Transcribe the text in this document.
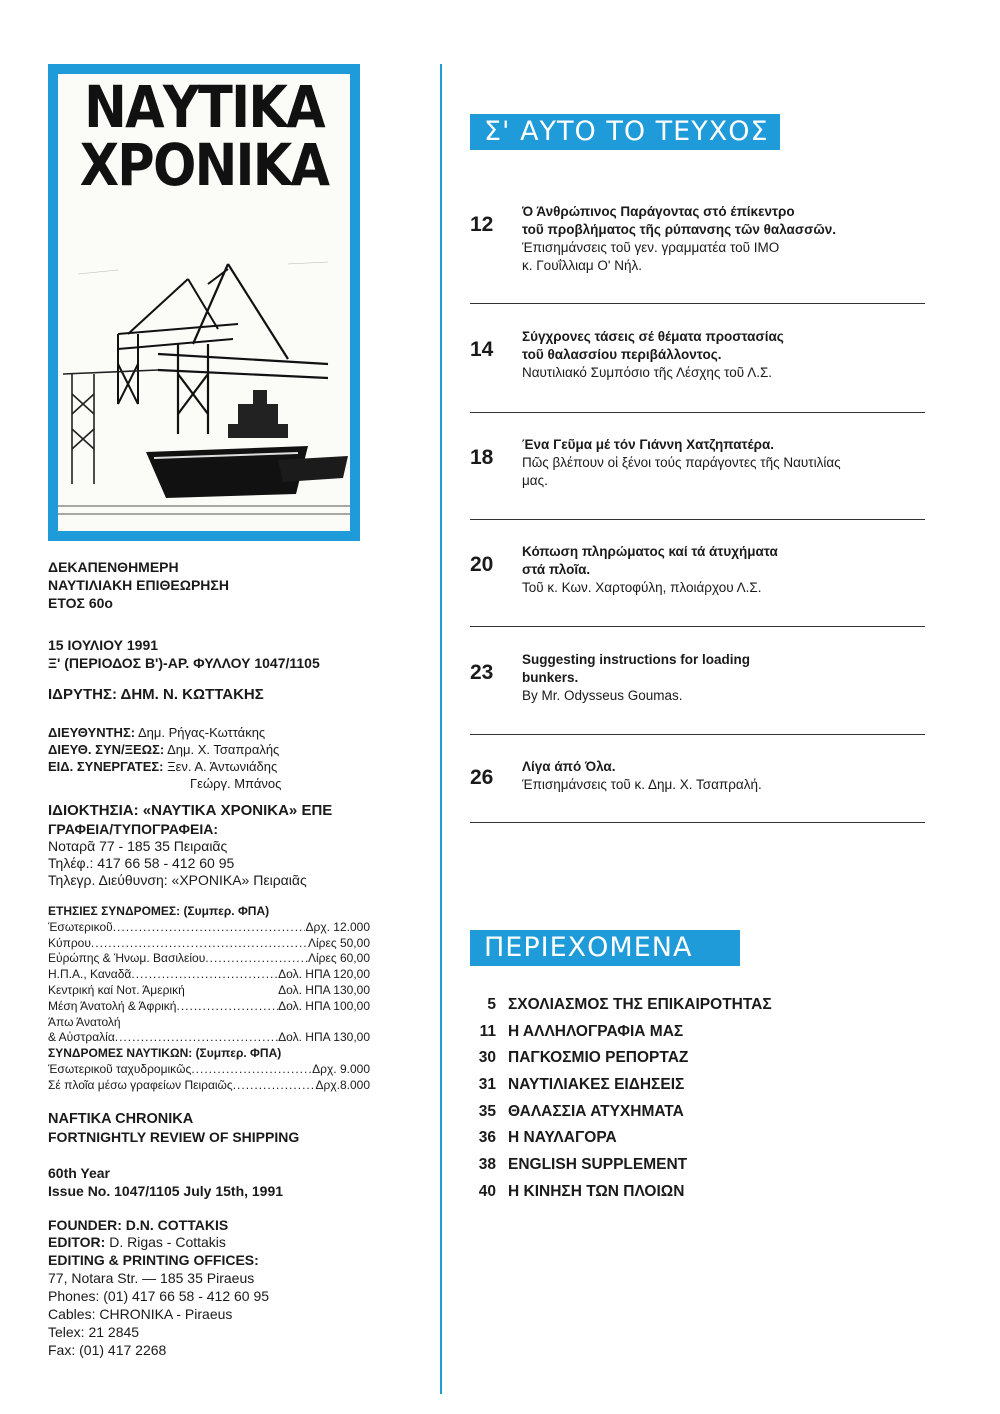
ΝΑΥΤΙΚΑ
ΧΡΟΝΙΚΑ

ΔΕΚΑΠΕΝΘΗΜΕΡΗ

ΝΑΥΤΙΛΙΑΚΗ ΕΠΙΘΕΩΡΗΣΗ

ΕΤΟΣ 60ο

15 ΙΟΥΛΙΟΥ 1991

Ξ' (ΠΕΡΙΟΔΟΣ Β')-ΑΡ. ΦΥΛΛΟΥ 1047/1105

ΙΔΡΥΤΗΣ: ΔΗΜ. Ν. ΚΩΤΤΑΚΗΣ

ΔΙΕΥΘΥΝΤΗΣ: Δημ. Ρήγας-Κωττάκης

ΔΙΕΥΘ. ΣΥΝ/ΞΕΩΣ: Δημ. Χ. Τσαπραλής

ΕΙΔ. ΣΥΝΕΡΓΑΤΕΣ: Ξεν. Α. Άντωνιάδης

Γεώργ. Μπάνος

ΙΔΙΟΚΤΗΣΙΑ: «ΝΑΥΤΙΚΑ ΧΡΟΝΙΚΑ» ΕΠΕ

ΓΡΑΦΕΙΑ/ΤΥΠΟΓΡΑΦΕΙΑ:

Νοταρᾶ 77 - 185 35 Πειραιᾶς

Τηλέφ.: 417 66 58 - 412 60 95

Τηλεγρ. Διεύθυνση: «ΧΡΟΝΙΚΑ» Πειραιᾶς

ΕΤΗΣΙΕΣ ΣΥΝΔΡΟΜΕΣ: (Συμπερ. ΦΠΑ)
Έσωτερικοῦ .....	Δρχ. 12.000
Κύπρου .....	Λίρες 50,00
Εὐρώπης & Ήνωμ. Βασιλείου .....	Λίρες 60,00
Η.Π.Α., Καναδᾶ .....	Δολ. ΗΠΑ 120,00
Κεντρική καί Νοτ. Άμερική	Δολ. ΗΠΑ 130,00
Μέση Άνατολή & Άφρική .....	Δολ. ΗΠΑ 100,00
Άπω Άνατολή
& Αὐστραλία .....	Δολ. ΗΠΑ 130,00
ΣΥΝΔΡΟΜΕΣ ΝΑΥΤΙΚΩΝ: (Συμπερ. ΦΠΑ)
Έσωτερικοῦ ταχυδρομικῶς .....	Δρχ. 9.000
Σέ πλοῖα μέσω γραφείων Πειραιῶς .....	Δρχ.8.000

NAFTIKA CHRONIKA

FORTNIGHTLY REVIEW OF SHIPPING

60th Year

Issue No. 1047/1105 July 15th, 1991

FOUNDER: D.N. COTTAKIS

EDITOR: D. Rigas - Cottakis

EDITING & PRINTING OFFICES:

77, Notara Str. — 185 35 Piraeus

Phones: (01) 417 66 58 - 412 60 95

Cables: CHRONIKA - Piraeus

Telex: 21 2845

Fax: (01) 417 2268

Σ' ΑΥΤΟ ΤΟ ΤΕΥΧΟΣ
12
Ό Άνθρώπινος Παράγοντας στό έπίκεντρο
τοῦ προβλήματος τῆς ρύπανσης τῶν θαλασσῶν.
Έπισημάνσεις τοῦ γεν. γραμματέα τοῦ ΙΜΟ
κ. Γουΐλλιαμ Ο' Νήλ.
14
Σύγχρονες τάσεις σέ θέματα προστασίας
τοῦ θαλασσίου περιβάλλοντος.
Ναυτιλιακό Συμπόσιο τῆς Λέσχης τοῦ Λ.Σ.
18
Ένα Γεῦμα μέ τόν Γιάννη Χατζηπατέρα.
Πῶς βλέπουν οἱ ξένοι τούς παράγοντες τῆς Ναυτιλίας
μας.
20
Κόπωση πληρώματος καί τά άτυχήματα
στά πλοῖα.
Τοῦ κ. Κων. Χαρτοφύλη, πλοιάρχου Λ.Σ.
23
Suggesting instructions for loading
bunkers.
By Mr. Odysseus Goumas.
26	Λίγα άπό Όλα.
Έπισημάνσεις τοῦ κ. Δημ. Χ. Τσαπραλή.
ΠΕΡΙΕΧΟΜΕΝΑ
5 ΣΧΟΛΙΑΣΜΟΣ ΤΗΣ ΕΠΙΚΑΙΡΟΤΗΤΑΣ
11 Η ΑΛΛΗΛΟΓΡΑΦΙΑ ΜΑΣ
30 ΠΑΓΚΟΣΜΙΟ ΡΕΠΟΡΤΑΖ
31 ΝΑΥΤΙΛΙΑΚΕΣ ΕΙΔΗΣΕΙΣ
35 ΘΑΛΑΣΣΙΑ ΑΤΥΧΗΜΑΤΑ
36 Η ΝΑΥΛΑΓΟΡΑ
38 ENGLISH SUPPLEMENT
40 Η ΚΙΝΗΣΗ ΤΩΝ ΠΛΟΙΩΝ
